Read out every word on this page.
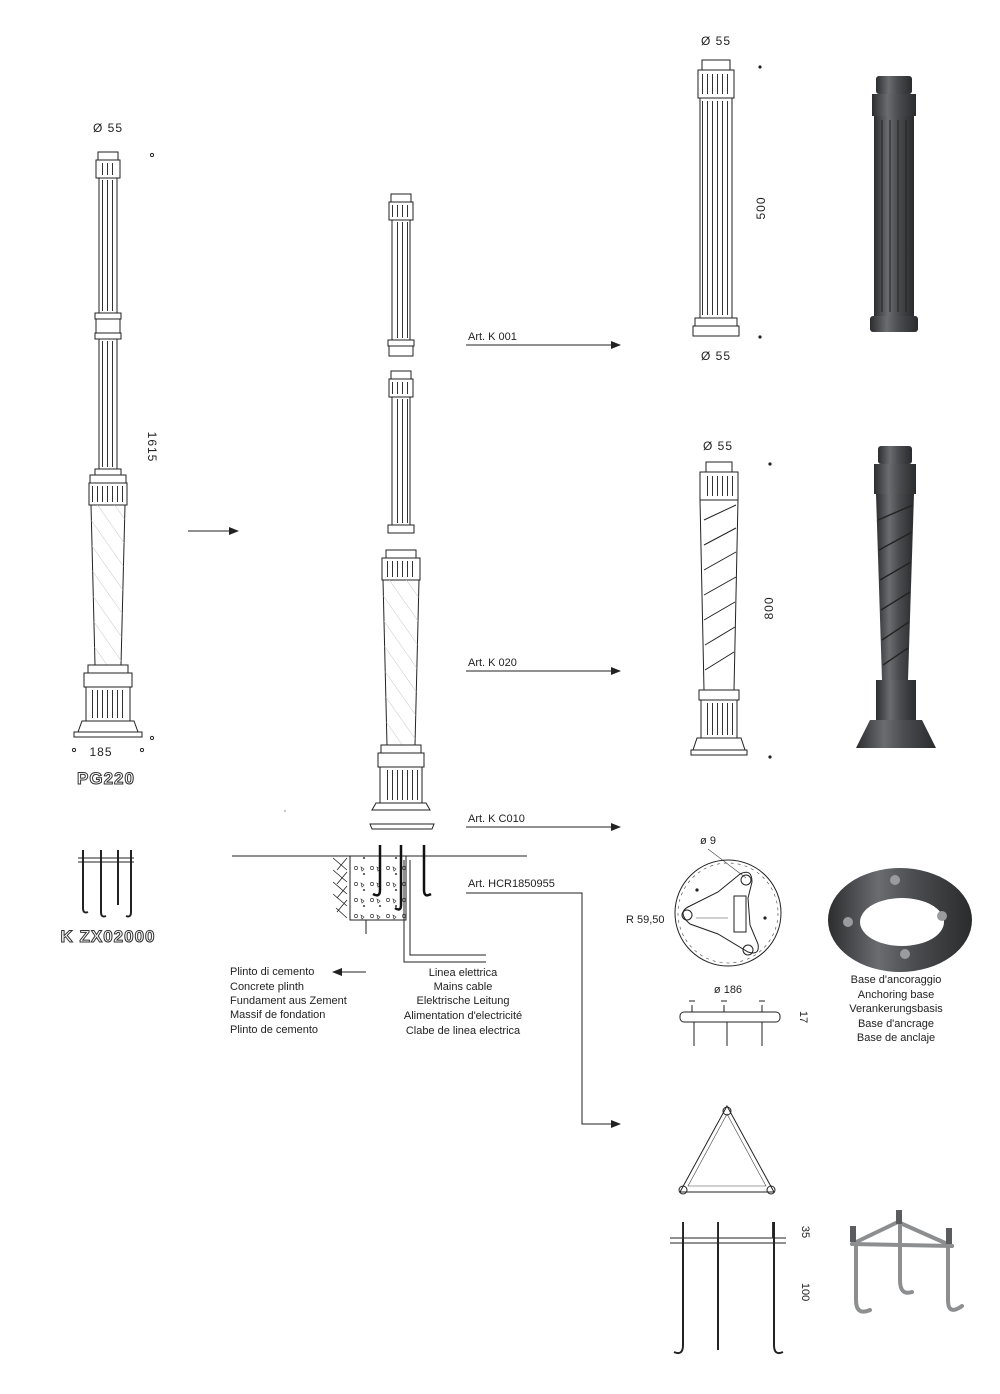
Ø 55
1615
185
PG220
Plinto di cemento
Concrete plinth
Fundament aus Zement
Massif de fondation
Plinto de cemento
Linea elettrica
Mains cable
Elektrische Leitung
Alimentation d'electricité
Clabe de linea electrica
K ZX02000
Art. K 001
Art. K 020
Art. K C010
Art. HCR1850955
Ø 55
500
Ø 55
Ø 55
800
ø 9
R 59,50
ø 186
17
Base d'ancoraggio
Anchoring base
Verankerungsbasis
Base d'ancrage
Base de anclaje
35
100
